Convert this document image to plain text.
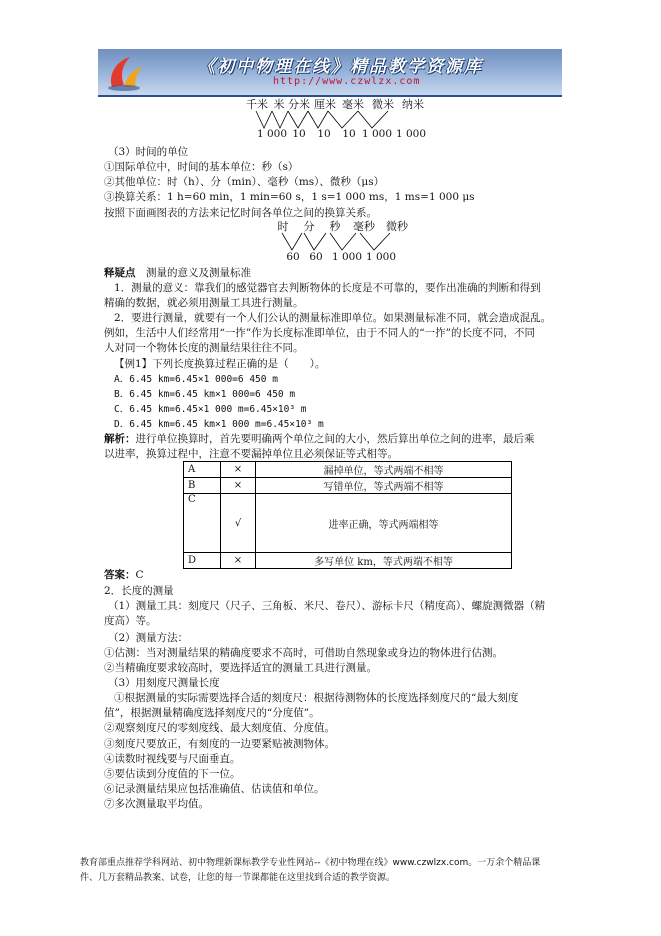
《初中物理在线》精品教学资源库
http://www.czwlzx.com
千米 米 分米 厘米 毫米 微米 纳米
1 000 10	10	10 1 000 1 000
（3）时间的单位
①国际单位中，时间的基本单位：秒（s）
②其他单位：时（h）、分（min）、毫秒（ms）、微秒（μs）
③换算关系：1 h=60 min，1 min=60 s，1 s=1 000 ms，1 ms=1 000 μs
按照下面画图表的方法来记忆时间各单位之间的换算关系。
时	分	秒	毫秒	微秒
60 60 1 000 1 000
释疑点　 测量的意义及测量标准
1．测量的意义：靠我们的感觉器官去判断物体的长度是不可靠的，要作出准确的判断和得到
精确的数据，就必须用测量工具进行测量。
2．要进行测量，就要有一个人们公认的测量标准即单位。如果测量标准不同，就会造成混乱。
例如，生活中人们经常用“一拃”作为长度标准即单位，由于不同人的“一拃”的长度不同，不同
人对同一个物体长度的测量结果往往不同。
【例1】下列长度换算过程正确的是（　　）。
A．6.45 km=6.45×1 000=6 450 m
B．6.45 km=6.45 km×1 000=6 450 m
C．6.45 km=6.45×1 000 m=6.45×10³ m
D．6.45 km=6.45 km×1 000 m=6.45×10³ m
解析：进行单位换算时，首先要明确两个单位之间的大小，然后算出单位之间的进率，最后乘
以进率，换算过程中，注意不要漏掉单位且必须保证等式相等。
A	×	漏掉单位，等式两端不相等
B	×	写错单位，等式两端不相等
C	√	进率正确，等式两端相等
D	×	多写单位 km，等式两端不相等
答案：C
2．长度的测量
（1）测量工具：刻度尺（尺子、三角板、米尺、卷尺）、游标卡尺（精度高）、螺旋测微器（精
度高）等。
（2）测量方法：
①估测：当对测量结果的精确度要求不高时，可借助自然现象或身边的物体进行估测。
②当精确度要求较高时，要选择适宜的测量工具进行测量。
（3）用刻度尺测量长度
①根据测量的实际需要选择合适的刻度尺：根据待测物体的长度选择刻度尺的“最大刻度
值”，根据测量精确度选择刻度尺的“分度值”。
②观察刻度尺的零刻度线、最大刻度值、分度值。
③刻度尺要放正，有刻度的一边要紧贴被测物体。
④读数时视线要与尺面垂直。
⑤要估读到分度值的下一位。
⑥记录测量结果应包括准确值、估读值和单位。
⑦多次测量取平均值。
教育部重点推荐学科网站、初中物理新课标教学专业性网站--《初中物理在线》www.czwlzx.com。一万余个精品课
件、几万套精品教案、试卷，让您的每一节课都能在这里找到合适的教学资源。
